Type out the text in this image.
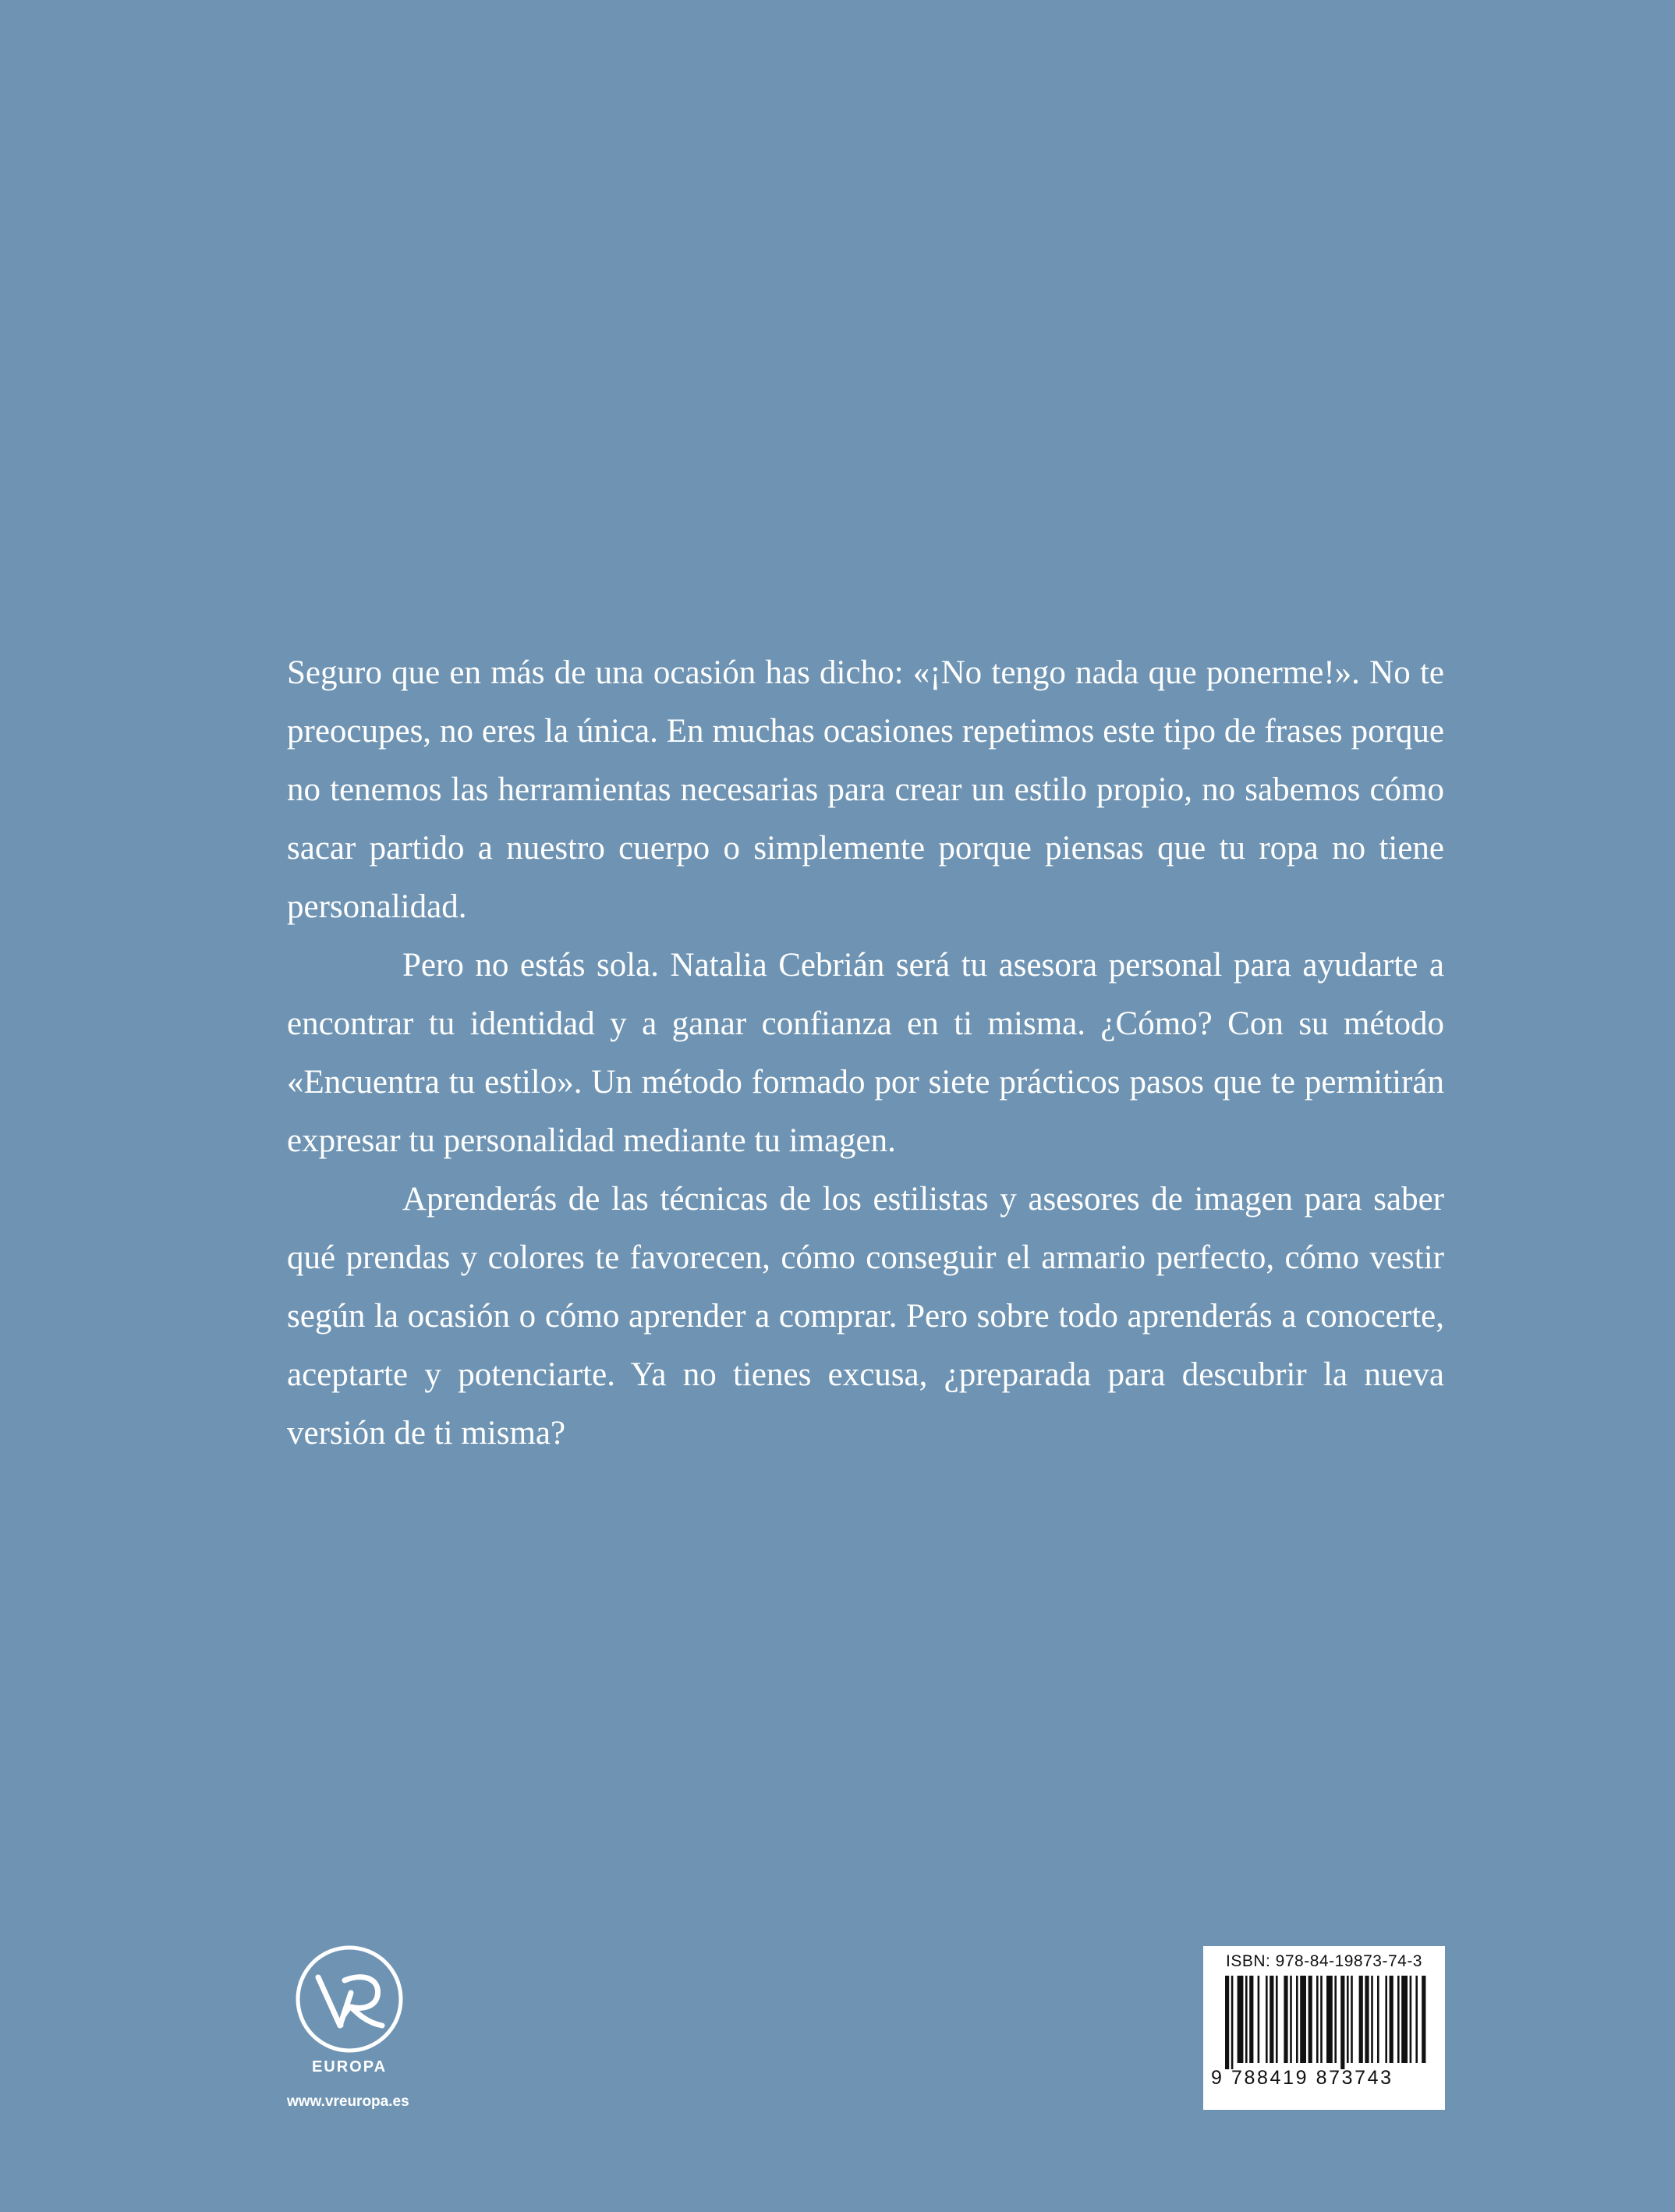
Seguro que en más de una ocasión has dicho: «¡No tengo nada que ponerme!». No te preocupes, no eres la única. En muchas ocasiones repetimos este tipo de frases porque no tenemos las herramientas necesarias para crear un estilo propio, no sabemos cómo sacar partido a nuestro cuerpo o simplemente porque piensas que tu ropa no tiene personalidad.

Pero no estás sola. Natalia Cebrián será tu asesora personal para ayudarte a encontrar tu identidad y a ganar confianza en ti misma. ¿Cómo? Con su método «Encuentra tu estilo». Un método formado por siete prácticos pasos que te permitirán expresar tu personalidad mediante tu imagen.

Aprenderás de las técnicas de los estilistas y asesores de imagen para saber qué prendas y colores te favorecen, cómo conseguir el armario perfecto, cómo vestir según la ocasión o cómo aprender a comprar. Pero sobre todo aprenderás a conocerte, aceptarte y potenciarte. Ya no tienes excusa, ¿preparada para descubrir la nueva versión de ti misma?

EUROPA
www.vreuropa.es
ISBN: 978-84-19873-74-3
9 788419 873743
